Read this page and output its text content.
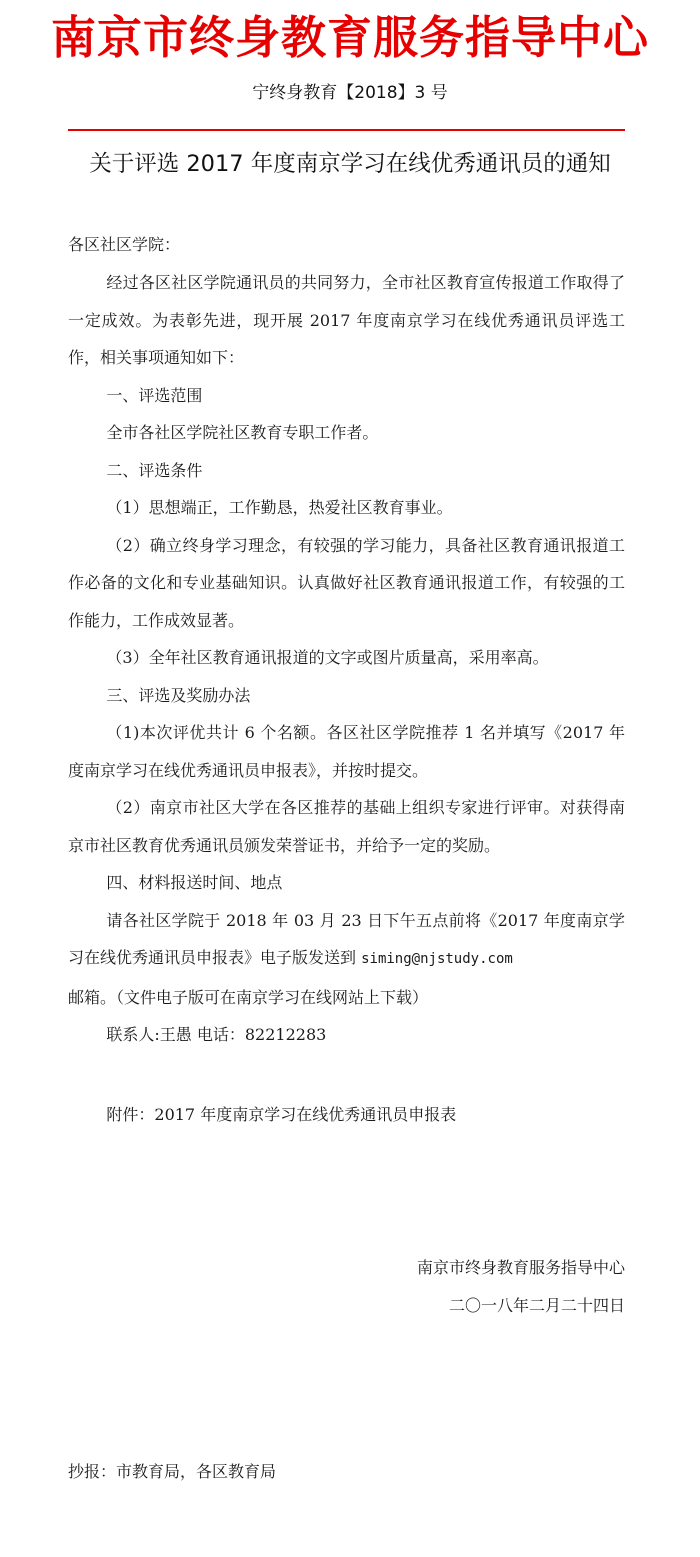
南京市终身教育服务指导中心
宁终身教育【2018】3 号
关于评选 2017 年度南京学习在线优秀通讯员的通知
各区社区学院：

经过各区社区学院通讯员的共同努力，全市社区教育宣传报道工作取得了一定成效。为表彰先进，现开展 2017 年度南京学习在线优秀通讯员评选工作，相关事项通知如下：

一、评选范围

全市各社区学院社区教育专职工作者。

二、评选条件

（1）思想端正，工作勤恳，热爱社区教育事业。

（2）确立终身学习理念，有较强的学习能力，具备社区教育通讯报道工作必备的文化和专业基础知识。认真做好社区教育通讯报道工作，有较强的工作能力，工作成效显著。

（3）全年社区教育通讯报道的文字或图片质量高，采用率高。

三、评选及奖励办法

（1)本次评优共计 6 个名额。各区社区学院推荐 1 名并填写《2017 年度南京学习在线优秀通讯员申报表》，并按时提交。

（2）南京市社区大学在各区推荐的基础上组织专家进行评审。对获得南京市社区教育优秀通讯员颁发荣誉证书，并给予一定的奖励。

四、材料报送时间、地点

请各社区学院于 2018 年 03 月 23 日下午五点前将《2017 年度南京学习在线优秀通讯员申报表》电子版发送到 siming@njstudy.com
邮箱。（文件电子版可在南京学习在线网站上下载）

联系人:王愚 电话：82212283

附件：2017 年度南京学习在线优秀通讯员申报表
南京市终身教育服务指导中心
二〇一八年二月二十四日
抄报：市教育局，各区教育局
